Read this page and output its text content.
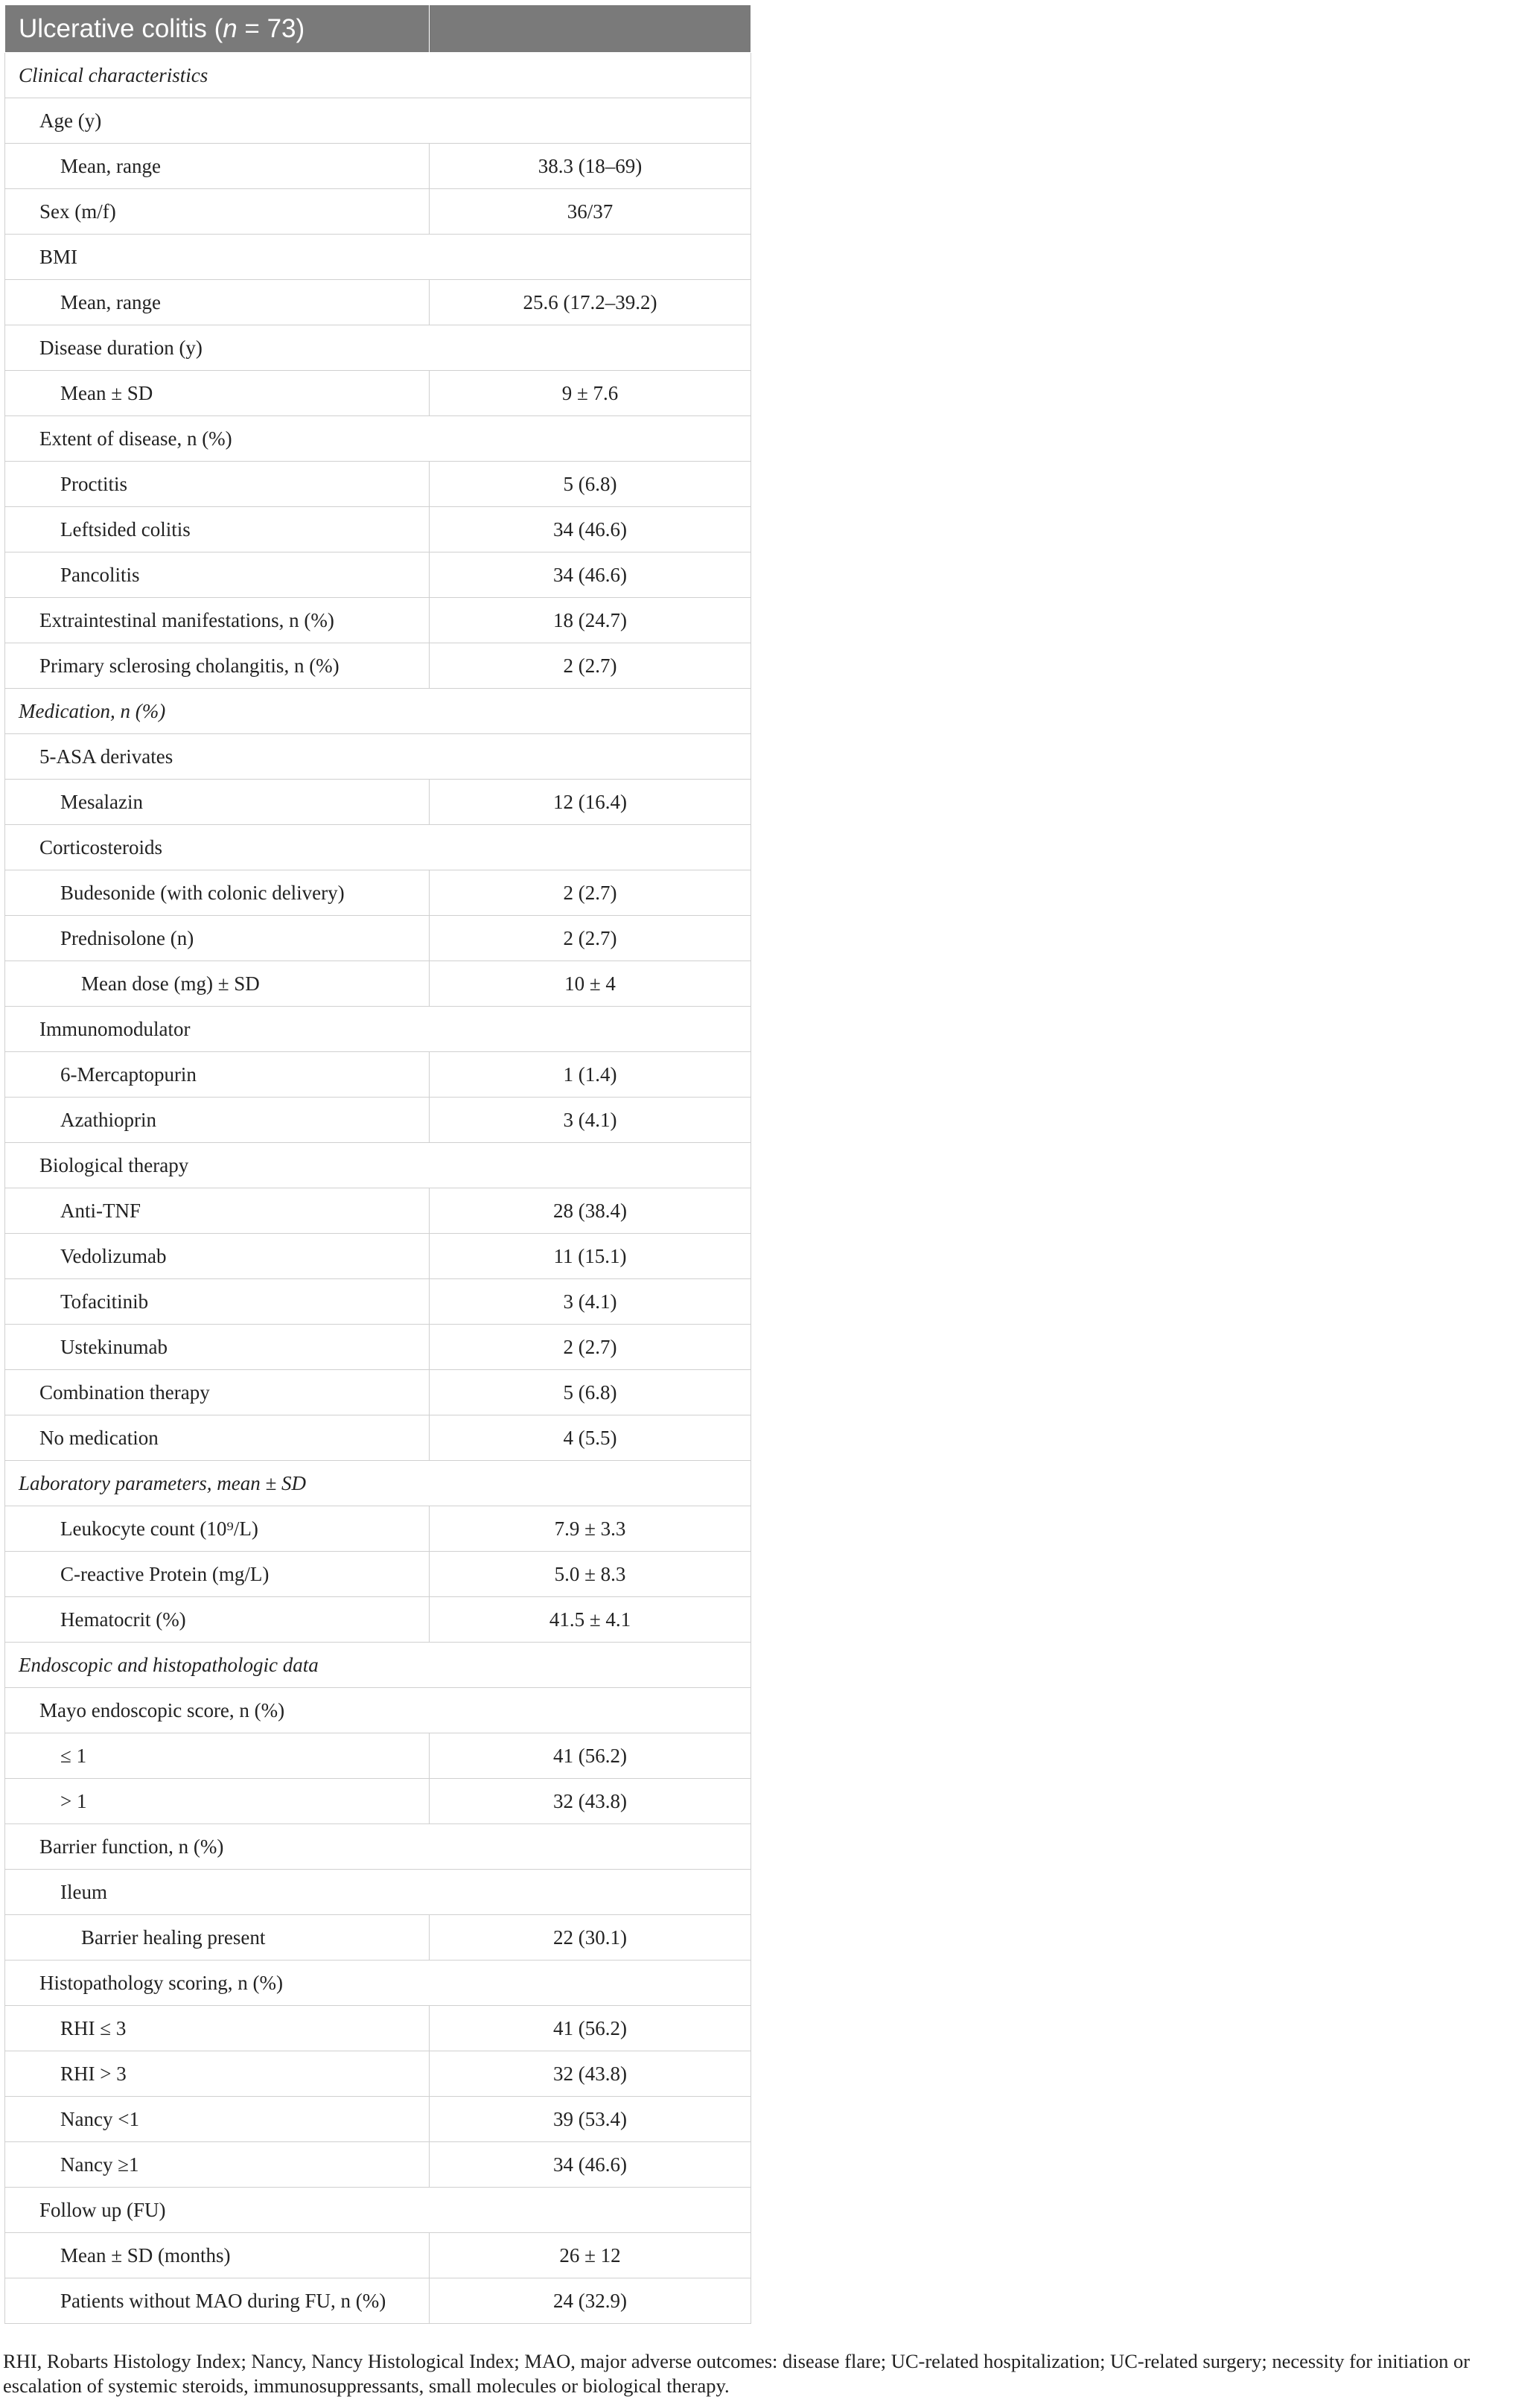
Ulcerative colitis (n = 73)	
Clinical characteristics	
Age (y)	
Mean, range	38.3 (18–69)
Sex (m/f)	36/37
BMI	
Mean, range	25.6 (17.2–39.2)
Disease duration (y)	
Mean ± SD	9 ± 7.6
Extent of disease, n (%)	
Proctitis	5 (6.8)
Leftsided colitis	34 (46.6)
Pancolitis	34 (46.6)
Extraintestinal manifestations, n (%)	18 (24.7)
Primary sclerosing cholangitis, n (%)	2 (2.7)
Medication, n (%)	
5-ASA derivates	
Mesalazin	12 (16.4)
Corticosteroids	
Budesonide (with colonic delivery)	2 (2.7)
Prednisolone (n)	2 (2.7)
Mean dose (mg) ± SD	10 ± 4
Immunomodulator	
6-Mercaptopurin	1 (1.4)
Azathioprin	3 (4.1)
Biological therapy	
Anti-TNF	28 (38.4)
Vedolizumab	11 (15.1)
Tofacitinib	3 (4.1)
Ustekinumab	2 (2.7)
Combination therapy	5 (6.8)
No medication	4 (5.5)
Laboratory parameters, mean ± SD	
Leukocyte count (10⁹/L)	7.9 ± 3.3
C-reactive Protein (mg/L)	5.0 ± 8.3
Hematocrit (%)	41.5 ± 4.1
Endoscopic and histopathologic data	
Mayo endoscopic score, n (%)	
≤ 1	41 (56.2)
> 1	32 (43.8)
Barrier function, n (%)	
Ileum	
Barrier healing present	22 (30.1)
Histopathology scoring, n (%)	
RHI ≤ 3	41 (56.2)
RHI > 3	32 (43.8)
Nancy <1	39 (53.4)
Nancy ≥1	34 (46.6)
Follow up (FU)	
Mean ± SD (months)	26 ± 12
Patients without MAO during FU, n (%)	24 (32.9)

RHI, Robarts Histology Index; Nancy, Nancy Histological Index; MAO, major adverse outcomes: disease flare; UC-related hospitalization; UC-related surgery; necessity for initiation or

escalation of systemic steroids, immunosuppressants, small molecules or biological therapy.
